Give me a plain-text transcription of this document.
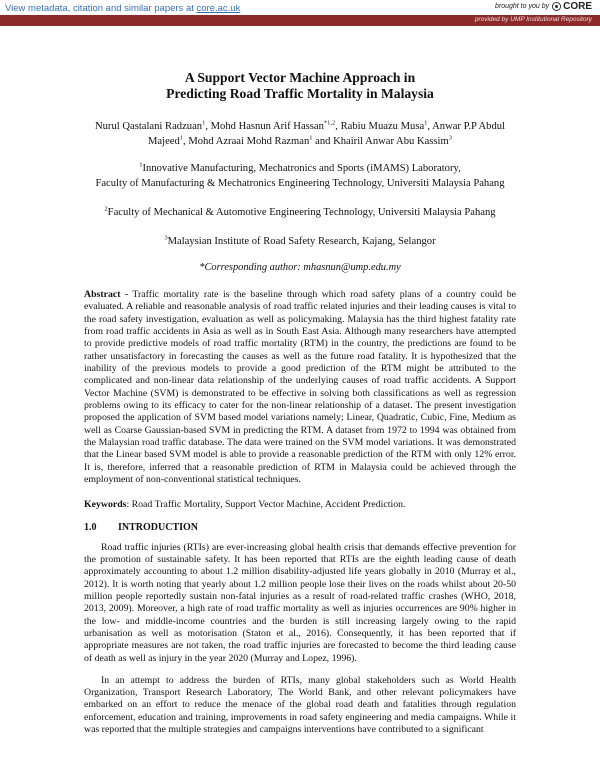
View metadata, citation and similar papers at core.ac.uk	brought to you by CORE
provided by UMP Institutional Repository
A Support Vector Machine Approach in
Predicting Road Traffic Mortality in Malaysia
Nurul Qastalani Radzuan$^1$, Mohd Hasnun Arif Hassan$^{*1,2}$, Rabiu Muazu Musa$^1$, Anwar P.P Abdul Majeed$^1$, Mohd Azraai Mohd Razman$^1$ and Khairil Anwar Abu Kassim$^3$
$^1$Innovative Manufacturing, Mechatronics and Sports (iMAMS) Laboratory,
Faculty of Manufacturing & Mechatronics Engineering Technology, Universiti Malaysia Pahang
$^2$Faculty of Mechanical & Automotive Engineering Technology, Universiti Malaysia Pahang
$^3$Malaysian Institute of Road Safety Research, Kajang, Selangor
*Corresponding author: mhasnun@ump.edu.my
Abstract - Traffic mortality rate is the baseline through which road safety plans of a country could be evaluated. A reliable and reasonable analysis of road traffic related injuries and their leading causes is vital to the road safety investigation, evaluation as well as policymaking. Malaysia has the third highest fatality rate from road traffic accidents in Asia as well as in South East Asia. Although many researchers have attempted to provide predictive models of road traffic mortality (RTM) in the country, the predictions are found to be rather unsatisfactory in forecasting the causes as well as the future road fatality. It is hypothesized that the inability of the previous models to provide a good prediction of the RTM might be attributed to the complicated and non-linear data relationship of the underlying causes of road traffic accidents. A Support Vector Machine (SVM) is demonstrated to be effective in solving both classifications as well as regression problems owing to its efficacy to cater for the non-linear relationship of a dataset. The present investigation proposed the application of SVM based model variations namely; Linear, Quadratic, Cubic, Fine, Medium as well as Coarse Gaussian-based SVM in predicting the RTM. A dataset from 1972 to 1994 was obtained from the Malaysian road traffic database. The data were trained on the SVM model variations. It was demonstrated that the Linear based SVM model is able to provide a reasonable prediction of the RTM with only 12% error. It is, therefore, inferred that a reasonable prediction of RTM in Malaysia could be achieved through the employment of non-conventional statistical techniques.
Keywords: Road Traffic Mortality, Support Vector Machine, Accident Prediction.
1.0	INTRODUCTION

Road traffic injuries (RTIs) are ever-increasing global health crisis that demands effective prevention for the promotion of sustainable safety. It has been reported that RTIs are the eighth leading cause of death approximately accounting to about 1.2 million disability-adjusted life years globally in 2010 (Murray et al., 2012). It is worth noting that yearly about 1.2 million people lose their lives on the roads whilst about 20-50 million people reportedly sustain non-fatal injuries as a result of road-related traffic crashes (WHO, 2018, 2013, 2009). Moreover, a high rate of road traffic mortality as well as injuries occurrences are 90% higher in the low- and middle-income countries and the burden is still increasing largely owing to the rapid urbanisation as well as motorisation (Staton et al., 2016). Consequently, it has been reported that if appropriate measures are not taken, the road traffic injuries are forecasted to become the third leading cause of death as well as injury in the year 2020 (Murray and Lopez, 1996).

In an attempt to address the burden of RTIs, many global stakeholders such as World Health Organization, Transport Research Laboratory, The World Bank, and other relevant policymakers have embarked on an effort to reduce the menace of the global road death and fatalities through regulation enforcement, education and training, improvements in road safety engineering and media campaigns. While it was reported that the multiple strategies and campaigns interventions have contributed to a significant
